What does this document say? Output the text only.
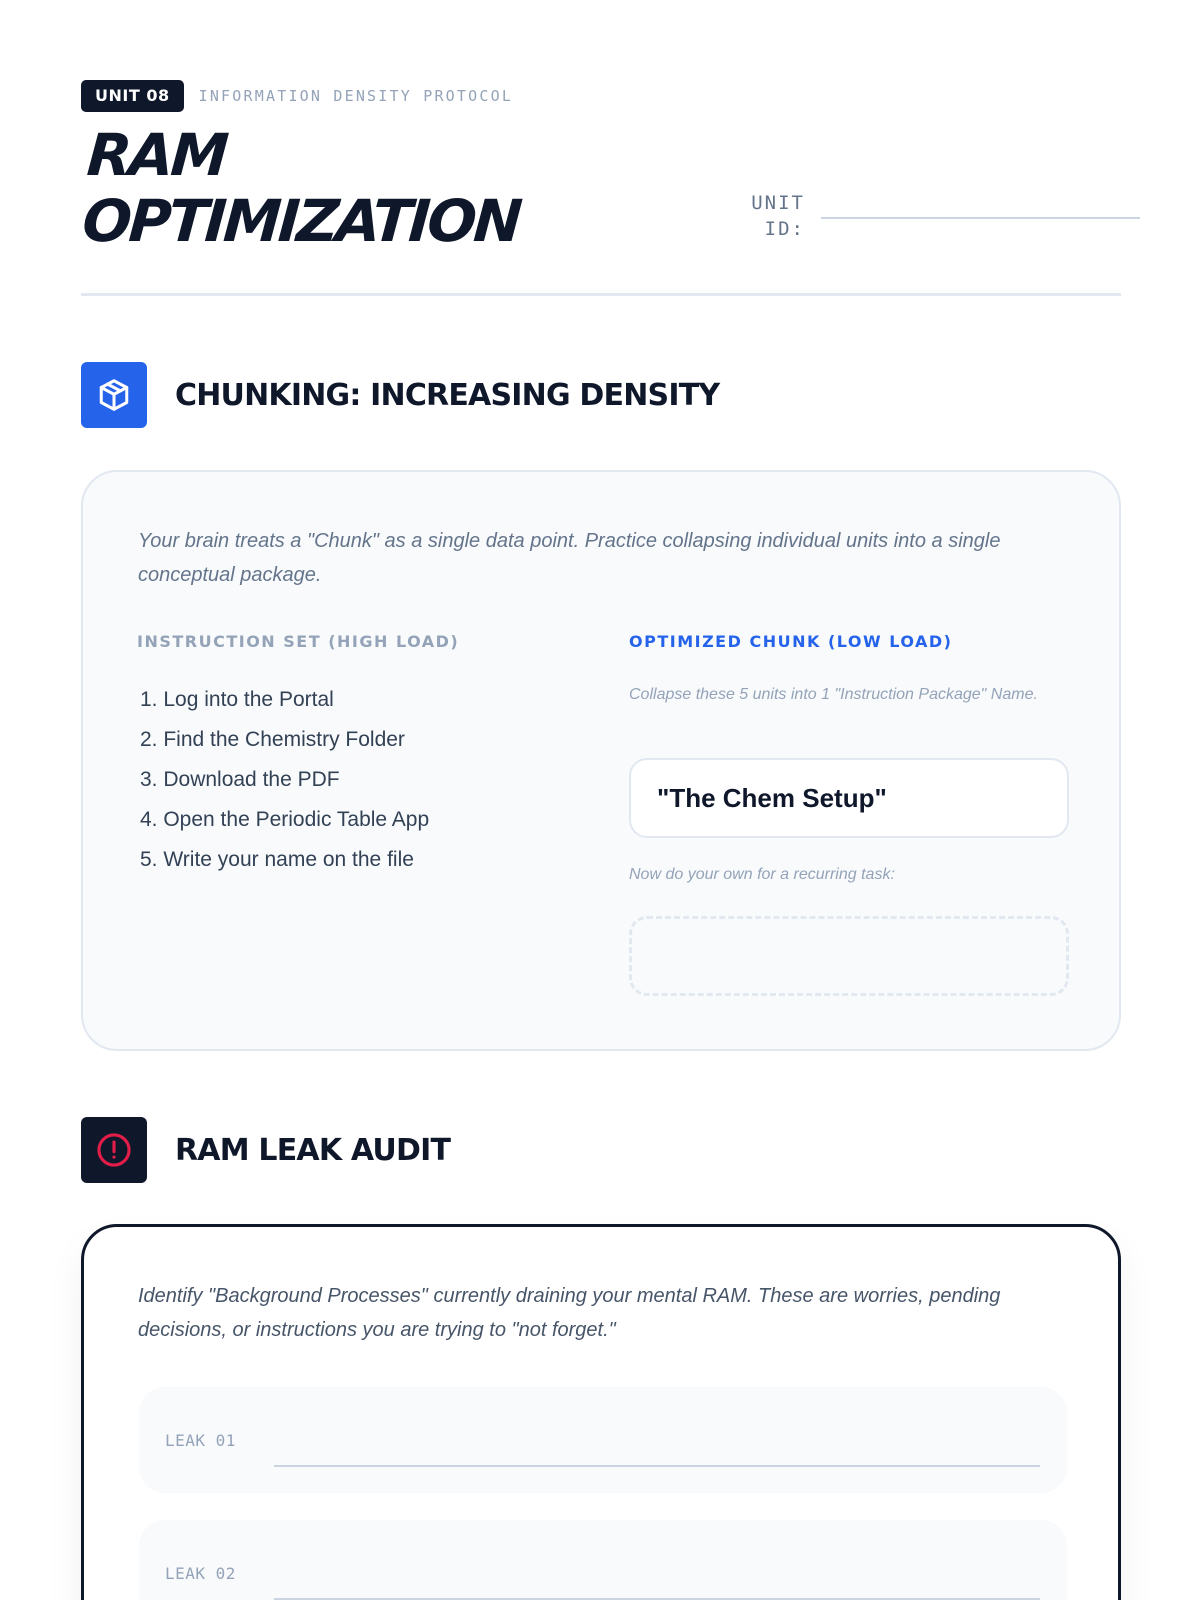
UNIT 08	INFORMATION DENSITY PROTOCOL
RAM
OPTIMIZATION	UNIT ID:
CHUNKING: INCREASING DENSITY

Your brain treats a "Chunk" as a single data point. Practice collapsing individual units into a single conceptual package.

INSTRUCTION SET (HIGH LOAD)
1. Log into the Portal
2. Find the Chemistry Folder
3. Download the PDF
4. Open the Periodic Table App
5. Write your name on the file
OPTIMIZED CHUNK (LOW LOAD)

Collapse these 5 units into 1 "Instruction Package" Name.

"The Chem Setup"

Now do your own for a recurring task:

RAM LEAK AUDIT

Identify "Background Processes" currently draining your mental RAM. These are worries, pending decisions, or instructions you are trying to "not forget."

LEAK 01
LEAK 02
